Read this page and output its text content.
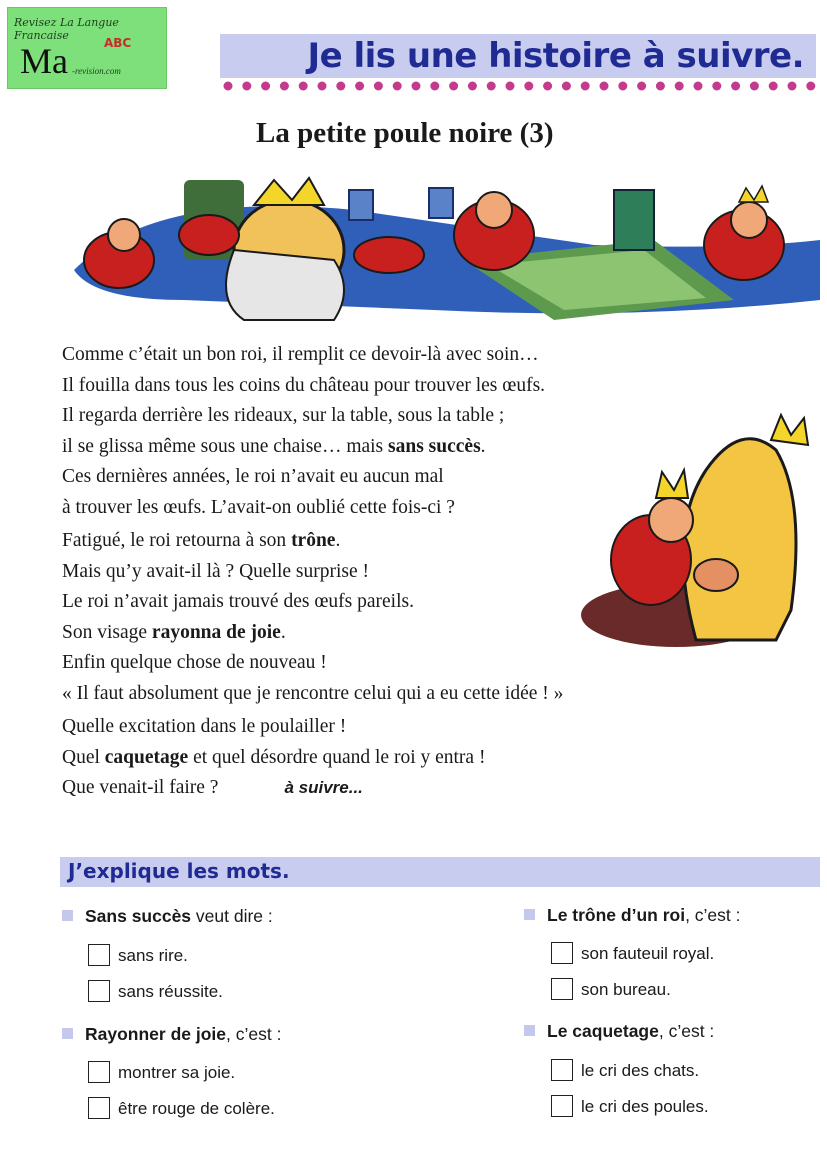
Revisez La Langue Francaise
Ma	ABC
-revision.com	Je lis une histoire à suivre.
La petite poule noire (3)
Comme c’était un bon roi, il remplit ce devoir-là avec soin…
Il fouilla dans tous les coins du château pour trouver les œufs.
Il regarda derrière les rideaux, sur la table, sous la table ;
il se glissa même sous une chaise… mais sans succès.
Ces dernières années, le roi n’avait eu aucun mal
à trouver les œufs. L’avait-on oublié cette fois-ci ?
Fatigué, le roi retourna à son trône.
Mais qu’y avait-il là ? Quelle surprise !
Le roi n’avait jamais trouvé des œufs pareils.
Son visage rayonna de joie.
Enfin quelque chose de nouveau !
« Il faut absolument que je rencontre celui qui a eu cette idée ! »
Quelle excitation dans le poulailler !
Quel caquetage et quel désordre quand le roi y entra !
Que venait-il faire ?	à suivre...
J’explique les mots.
Sans succès veut dire :
sans rire.
sans réussite.
Le trône d’un roi, c’est :
son fauteuil royal.
son bureau.
Rayonner de joie, c’est :
montrer sa joie.
être rouge de colère.
Le caquetage, c’est :
le cri des chats.
le cri des poules.
